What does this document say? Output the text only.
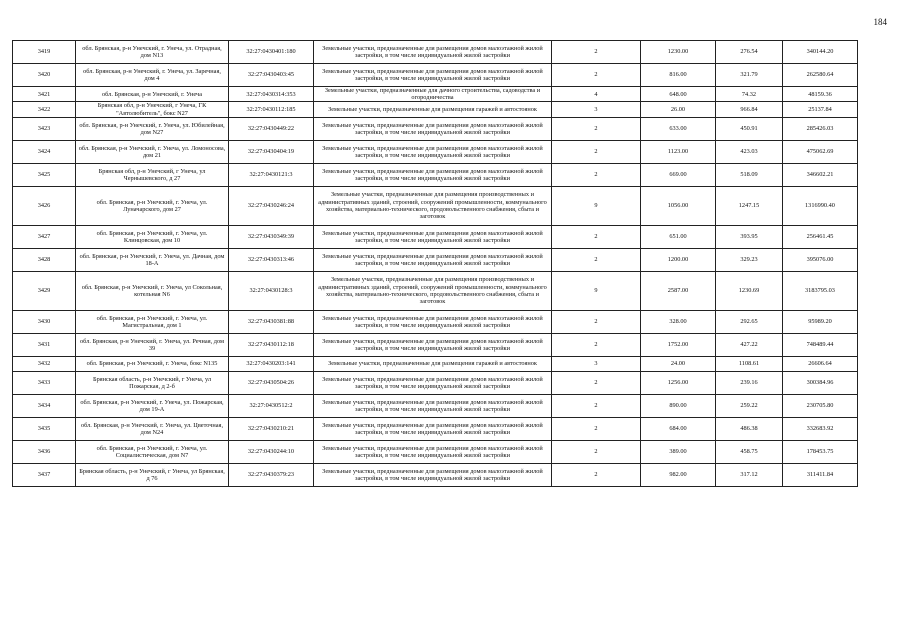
184
3419	обл. Брянская, р-н Унечский, г. Унеча, ул. Отрадная, дом N13	32:27:0430401:180	Земельные участки, предназначенные для размещения домов малоэтажной жилой застройки, в том числе индивидуальной жилой застройки	2	1230.00	276.54	340144.20
3420	обл. Брянская, р-н Унечский, г. Унеча, ул. Заречная, дом 4	32:27:0430403:45	Земельные участки, предназначенные для размещения домов малоэтажной жилой застройки, в том числе индивидуальной жилой застройки	2	816.00	321.79	262580.64
3421	обл. Брянская, р-н Унечский, г. Унеча	32:27:0430314:353	Земельные участки, предназначенные для дачного строительства, садоводства и огородничества	4	648.00	74.32	48159.36
3422	Брянская обл, р-н Унечский, г Унеча, ГК "Автолюбитель", бокс N27	32:27:0430112:185	Земельные участки, предназначенные для размещения гаражей и автостоянок	3	26.00	966.84	25137.84
3423	обл. Брянская, р-н Унечский, г. Унеча, ул. Юбилейная, дом N27	32:27:0430449:22	Земельные участки, предназначенные для размещения домов малоэтажной жилой застройки, в том числе индивидуальной жилой застройки	2	633.00	450.91	285426.03
3424	обл. Брянская, р-н Унечский, г. Унеча, ул. Ломоносова, дом 21	32:27:0430404:19	Земельные участки, предназначенные для размещения домов малоэтажной жилой застройки, в том числе индивидуальной жилой застройки	2	1123.00	423.03	475062.69
3425	Брянская обл, р-н Унечский, г Унеча, ул Чернышевского, д 27	32:27:0430121:3	Земельные участки, предназначенные для размещения домов малоэтажной жилой застройки, в том числе индивидуальной жилой застройки	2	669.00	518.09	346602.21
3426	обл. Брянская, р-н Унечский, г. Унеча, ул. Луначарского, дом 27	32:27:0430246:24	Земельные участки, предназначенные для размещения производственных и административных зданий, строений, сооружений промышленности, коммунального хозяйства, материально-технического, продовольственного снабжения, сбыта и заготовок	9	1056.00	1247.15	1316990.40
3427	обл. Брянская, р-н Унечский, г. Унеча, ул. Клинцовская, дом 10	32:27:0430349:39	Земельные участки, предназначенные для размещения домов малоэтажной жилой застройки, в том числе индивидуальной жилой застройки	2	651.00	393.95	256461.45
3428	обл. Брянская, р-н Унечский, г. Унеча, ул. Дачная, дом 18-А	32:27:0430313:46	Земельные участки, предназначенные для размещения домов малоэтажной жилой застройки, в том числе индивидуальной жилой застройки	2	1200.00	329.23	395076.00
3429	обл. Брянская, р-н Унечский, г. Унеча, ул Сокольная, котельная N6	32:27:0430128:3	Земельные участки, предназначенные для размещения производственных и административных зданий, строений, сооружений промышленности, коммунального хозяйства, материально-технического, продовольственного снабжения, сбыта и заготовок	9	2587.00	1230.69	3183795.03
3430	обл. Брянская, р-н Унечский, г. Унеча, ул. Магистральная, дом 1	32:27:0430381:88	Земельные участки, предназначенные для размещения домов малоэтажной жилой застройки, в том числе индивидуальной жилой застройки	2	328.00	292.65	95989.20
3431	обл. Брянская, р-н Унечский, г. Унеча, ул. Речная, дом 39	32:27:0430112:18	Земельные участки, предназначенные для размещения домов малоэтажной жилой застройки, в том числе индивидуальной жилой застройки	2	1752.00	427.22	748489.44
3432	обл. Брянская, р-н Унечский, г. Унеча, бокс N135	32:27:0430203:141	Земельные участки, предназначенные для размещения гаражей и автостоянок	3	24.00	1108.61	26606.64
3433	Брянская область, р-н Унечский, г Унеча, ул Пожарская, д 2-б	32:27:0430504:26	Земельные участки, предназначенные для размещения домов малоэтажной жилой застройки, в том числе индивидуальной жилой застройки	2	1256.00	239.16	300384.96
3434	обл. Брянская, р-н Унечский, г. Унеча, ул. Пожарская, дом 19-А	32:27:0430512:2	Земельные участки, предназначенные для размещения домов малоэтажной жилой застройки, в том числе индивидуальной жилой застройки	2	890.00	259.22	230705.80
3435	обл. Брянская, р-н Унечский, г. Унеча, ул. Цветочная, дом N24	32:27:0430210:21	Земельные участки, предназначенные для размещения домов малоэтажной жилой застройки, в том числе индивидуальной жилой застройки	2	684.00	486.38	332683.92
3436	обл. Брянская, р-н Унечский, г. Унеча, ул. Социалистическая, дом N7	32:27:0430244:10	Земельные участки, предназначенные для размещения домов малоэтажной жилой застройки, в том числе индивидуальной жилой застройки	2	389.00	458.75	178453.75
3437	Брянская область, р-н Унечский, г Унеча, ул Брянская, д 76	32:27:0430379:23	Земельные участки, предназначенные для размещения домов малоэтажной жилой застройки, в том числе индивидуальной жилой застройки	2	982.00	317.12	311411.84
